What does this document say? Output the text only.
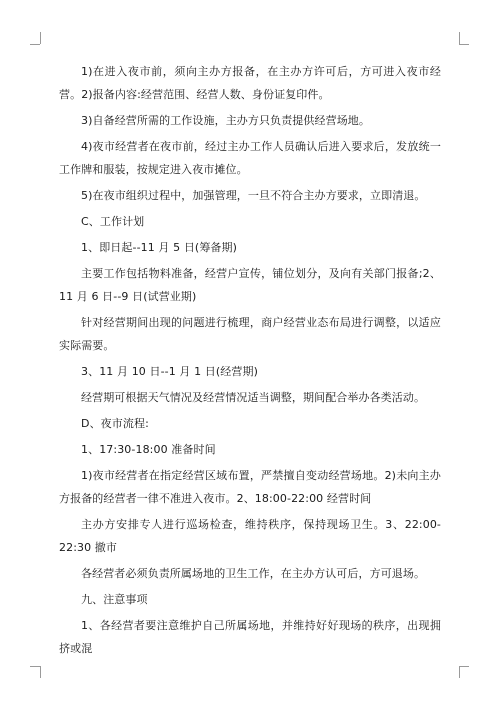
1)在进入夜市前，须向主办方报备，在主办方许可后，方可进入夜市经营。2)报备内容:经营范围、经营人数、身份证复印件。

3)自备经营所需的工作设施，主办方只负责提供经营场地。

4)夜市经营者在夜市前，经过主办工作人员确认后进入要求后，发放统一工作牌和服装，按规定进入夜市摊位。

5)在夜市组织过程中，加强管理，一旦不符合主办方要求，立即清退。

C、工作计划

1、即日起--11 月 5 日(筹备期)

主要工作包括物料准备，经营户宣传，铺位划分，及向有关部门报备;2、11 月 6 日--9 日(试营业期)

针对经营期间出现的问题进行梳理，商户经营业态布局进行调整，以适应实际需要。

3、11 月 10 日--1 月 1 日(经营期)

经营期可根据天气情况及经营情况适当调整，期间配合举办各类活动。

D、夜市流程:

1、17:30-18:00 准备时间

1)夜市经营者在指定经营区域布置，严禁擅自变动经营场地。2)未向主办方报备的经营者一律不准进入夜市。2、18:00-22:00 经营时间

主办方安排专人进行巡场检查，维持秩序，保持现场卫生。3、22:00-22:30 撤市

各经营者必须负责所属场地的卫生工作，在主办方认可后，方可退场。

九、注意事项

1、各经营者要注意维护自己所属场地，并维持好好现场的秩序，出现拥挤或混
